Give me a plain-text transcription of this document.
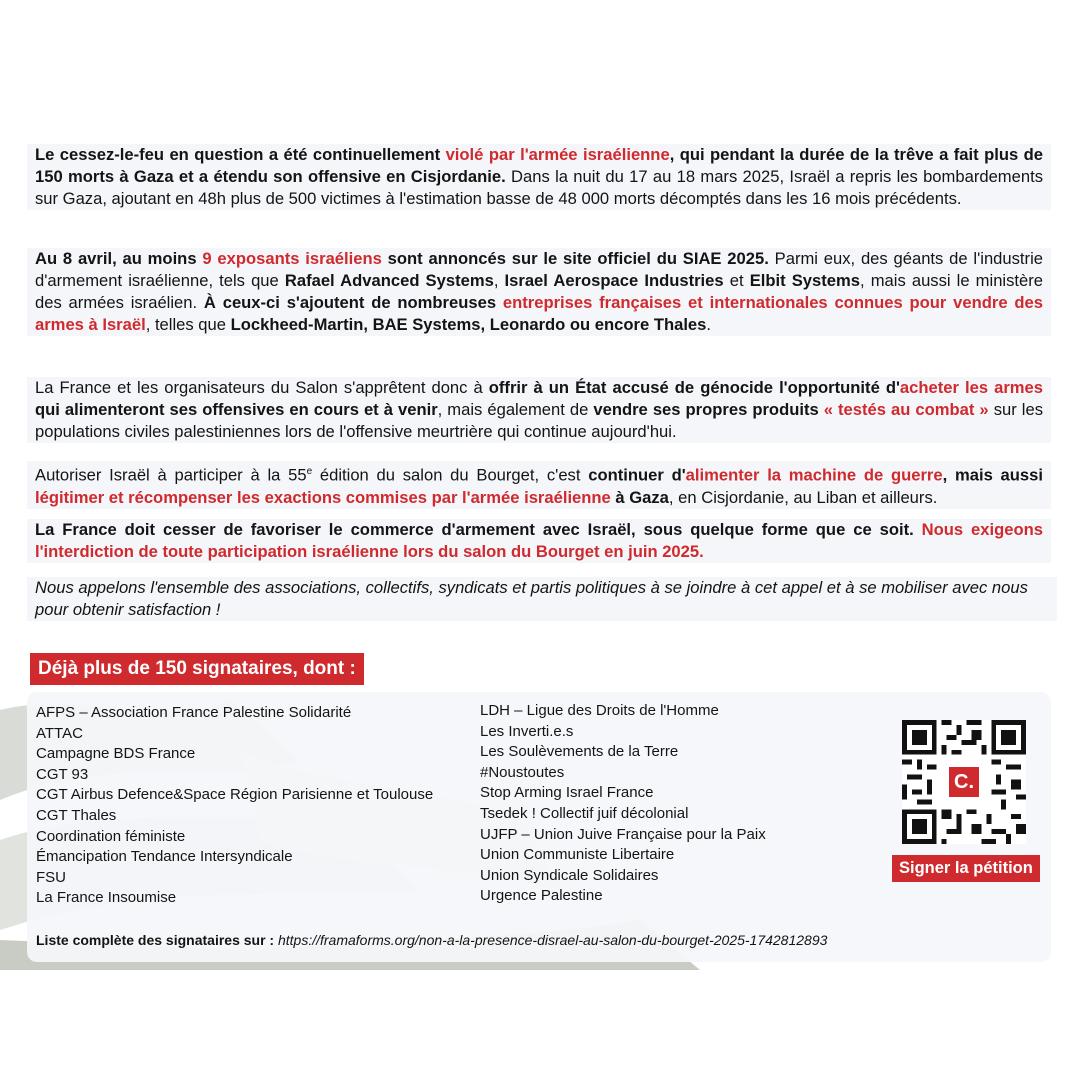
Le cessez-le-feu en question a été continuellement violé par l'armée israélienne, qui pendant la durée de la trêve a fait plus de 150 morts à Gaza et a étendu son offensive en Cisjordanie. Dans la nuit du 17 au 18 mars 2025, Israël a repris les bombardements sur Gaza, ajoutant en 48h plus de 500 victimes à l'estimation basse de 48 000 morts décomptés dans les 16 mois précédents.
Au 8 avril, au moins 9 exposants israéliens sont annoncés sur le site officiel du SIAE 2025. Parmi eux, des géants de l'industrie d'armement israélienne, tels que Rafael Advanced Systems, Israel Aerospace Industries et Elbit Systems, mais aussi le ministère des armées israélien. À ceux-ci s'ajoutent de nombreuses entreprises françaises et internationales connues pour vendre des armes à Israël, telles que Lockheed-Martin, BAE Systems, Leonardo ou encore Thales.
La France et les organisateurs du Salon s'apprêtent donc à offrir à un État accusé de génocide l'opportunité d'acheter les armes qui alimenteront ses offensives en cours et à venir, mais également de vendre ses propres produits « testés au combat » sur les populations civiles palestiniennes lors de l'offensive meurtrière qui continue aujourd'hui.
Autoriser Israël à participer à la 55e édition du salon du Bourget, c'est continuer d'alimenter la machine de guerre, mais aussi légitimer et récompenser les exactions commises par l'armée israélienne à Gaza, en Cisjordanie, au Liban et ailleurs.
La France doit cesser de favoriser le commerce d'armement avec Israël, sous quelque forme que ce soit. Nous exigeons l'interdiction de toute participation israélienne lors du salon du Bourget en juin 2025.
Nous appelons l'ensemble des associations, collectifs, syndicats et partis politiques à se joindre à cet appel et à se mobiliser avec nous pour obtenir satisfaction !
Déjà plus de 150 signataires, dont :
AFPS – Association France Palestine Solidarité
ATTAC
Campagne BDS France
CGT 93
CGT Airbus Defence&Space Région Parisienne et Toulouse
CGT Thales
Coordination féministe
Émancipation Tendance Intersyndicale
FSU
La France Insoumise
LDH – Ligue des Droits de l'Homme
Les Inverti.e.s
Les Soulèvements de la Terre
#Noustoutes
Stop Arming Israel France
Tsedek ! Collectif juif décolonial
UJFP – Union Juive Française pour la Paix
Union Communiste Libertaire
Union Syndicale Solidaires
Urgence Palestine
C.
Signer la pétition
Liste complète des signataires sur : https://framaforms.org/non-a-la-presence-disrael-au-salon-du-bourget-2025-1742812893
